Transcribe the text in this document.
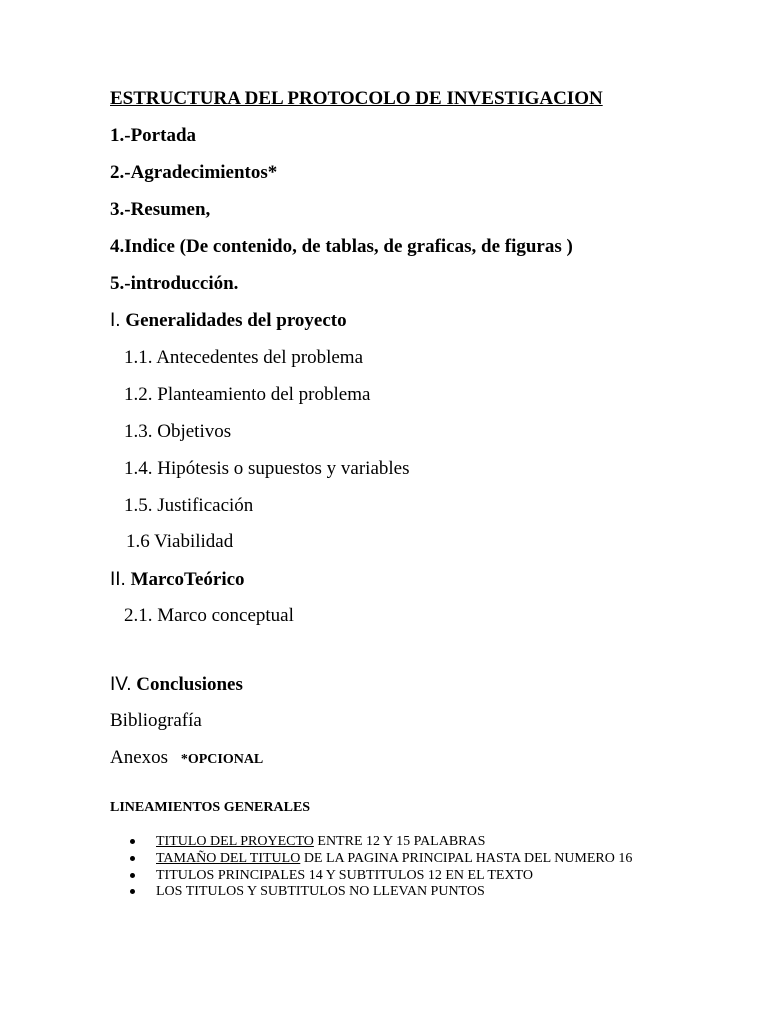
ESTRUCTURA DEL PROTOCOLO DE INVESTIGACION
1.-Portada
2.-Agradecimientos*
3.-Resumen,
4.Indice (De contenido, de tablas, de graficas, de figuras )
5.-introducción.
I. Generalidades del proyecto
1.1. Antecedentes del problema
1.2. Planteamiento del problema
1.3. Objetivos
1.4. Hipótesis o supuestos y variables
1.5. Justificación
1.6 Viabilidad
II. MarcoTeórico
2.1. Marco conceptual
IV. Conclusiones
Bibliografía
Anexos *OPCIONAL
LINEAMIENTOS GENERALES
TITULO DEL PROYECTO ENTRE 12 Y 15 PALABRAS
TAMAÑO DEL TITULO DE LA PAGINA PRINCIPAL HASTA DEL NUMERO 16
TITULOS PRINCIPALES 14 Y SUBTITULOS 12 EN EL TEXTO
LOS TITULOS Y SUBTITULOS NO LLEVAN PUNTOS
